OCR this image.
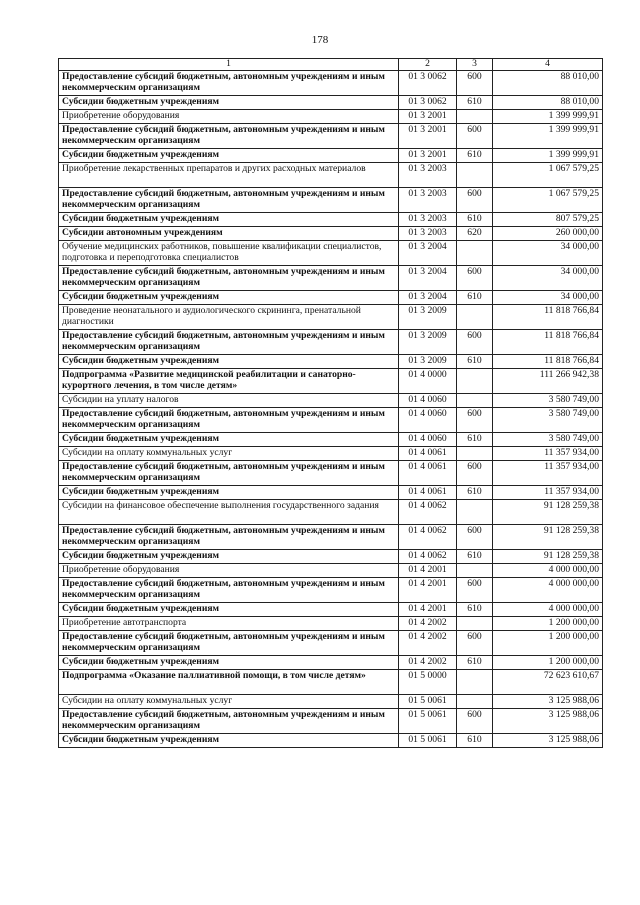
178
1	2	3	4
Предоставление субсидий бюджетным, автономным учреждениям и иным некоммерческим организациям	01 3 0062	600	88 010,00
Субсидии бюджетным учреждениям	01 3 0062	610	88 010,00
Приобретение оборудования	01 3 2001		1 399 999,91
Предоставление субсидий бюджетным, автономным учреждениям и иным некоммерческим организациям	01 3 2001	600	1 399 999,91
Субсидии бюджетным учреждениям	01 3 2001	610	1 399 999,91
Приобретение лекарственных препаратов и других расходных материалов	01 3 2003		1 067 579,25
Предоставление субсидий бюджетным, автономным учреждениям и иным некоммерческим организациям	01 3 2003	600	1 067 579,25
Субсидии бюджетным учреждениям	01 3 2003	610	807 579,25
Субсидии автономным учреждениям	01 3 2003	620	260 000,00
Обучение медицинских работников, повышение квалификации специалистов, подготовка и переподготовка специалистов	01 3 2004		34 000,00
Предоставление субсидий бюджетным, автономным учреждениям и иным некоммерческим организациям	01 3 2004	600	34 000,00
Субсидии бюджетным учреждениям	01 3 2004	610	34 000,00
Проведение неонатального и аудиологического скрининга, пренатальной диагностики	01 3 2009		11 818 766,84
Предоставление субсидий бюджетным, автономным учреждениям и иным некоммерческим организациям	01 3 2009	600	11 818 766,84
Субсидии бюджетным учреждениям	01 3 2009	610	11 818 766,84
Подпрограмма «Развитие медицинской реабилитации и санаторно-курортного лечения, в том числе детям»	01 4 0000		111 266 942,38
Субсидии на уплату налогов	01 4 0060		3 580 749,00
Предоставление субсидий бюджетным, автономным учреждениям и иным некоммерческим организациям	01 4 0060	600	3 580 749,00
Субсидии бюджетным учреждениям	01 4 0060	610	3 580 749,00
Субсидии на оплату коммунальных услуг	01 4 0061		11 357 934,00
Предоставление субсидий бюджетным, автономным учреждениям и иным некоммерческим организациям	01 4 0061	600	11 357 934,00
Субсидии бюджетным учреждениям	01 4 0061	610	11 357 934,00
Субсидии на финансовое обеспечение выполнения государственного задания	01 4 0062		91 128 259,38
Предоставление субсидий бюджетным, автономным учреждениям и иным некоммерческим организациям	01 4 0062	600	91 128 259,38
Субсидии бюджетным учреждениям	01 4 0062	610	91 128 259,38
Приобретение оборудования	01 4 2001		4 000 000,00
Предоставление субсидий бюджетным, автономным учреждениям и иным некоммерческим организациям	01 4 2001	600	4 000 000,00
Субсидии бюджетным учреждениям	01 4 2001	610	4 000 000,00
Приобретение автотранспорта	01 4 2002		1 200 000,00
Предоставление субсидий бюджетным, автономным учреждениям и иным некоммерческим организациям	01 4 2002	600	1 200 000,00
Субсидии бюджетным учреждениям	01 4 2002	610	1 200 000,00
Подпрограмма «Оказание паллиативной помощи, в том числе детям»	01 5 0000		72 623 610,67
Субсидии на оплату коммунальных услуг	01 5 0061		3 125 988,06
Предоставление субсидий бюджетным, автономным учреждениям и иным некоммерческим организациям	01 5 0061	600	3 125 988,06
Субсидии бюджетным учреждениям	01 5 0061	610	3 125 988,06
